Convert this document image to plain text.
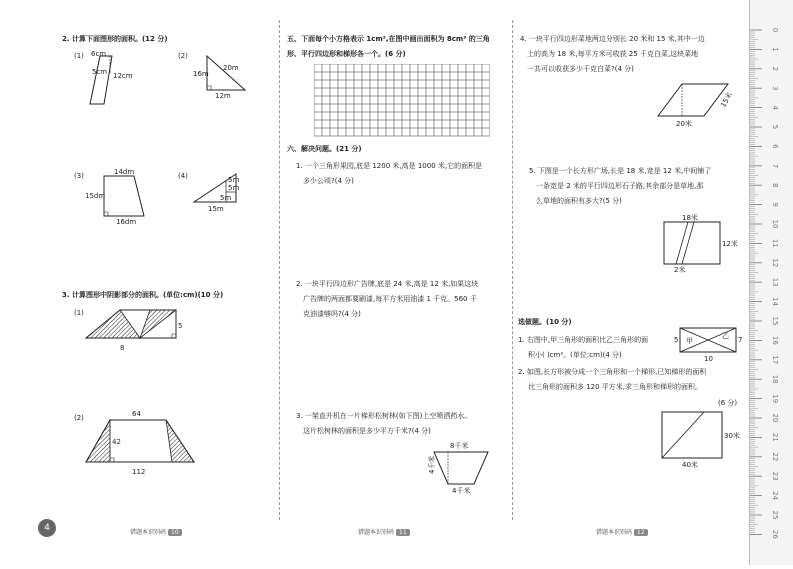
2. 计算下面图形的面积。(12 分)
(1) 6cm
5cm 12cm
(2)
16m
20m
12m
(3)	14dm
15dm
16dm
(4)	5m
5m
5m
15m
3. 计算图形中阴影部分的面积。(单位:cm)(10 分)
(1)
5
8
(2)	64
42
112
4	错题本识别码 10
五、下面每个小方格表示 1cm²,在图中画出面积为 8cm² 的三角
形、平行四边形和梯形各一个。(6 分)
六、解决问题。(21 分)
1. 一个三角形果园,底是 1200 米,高是 1000 米,它的面积是
多少公顷?(4 分)
2. 一块平行四边形广告牌,底是 24 米,高是 12 米,如果这块
广告牌的两面都要刷漆,每平方米用油漆 1 千克。560 千
克油漆够吗?(4 分)
3. 一架直升机在一片梯形松树林(如下图)上空喷洒药水。
这片松树林的面积是多少平方千米?(4 分)
8千米
4千米
4千米
错题本识别码 11
4. 一块平行四边形菜地两边分别长 20 米和 15 米,其中一边
上的高为 18 米,每平方米可收获 25 千克白菜,这块菜地
一共可以收获多少千克白菜?(4 分)
20米
15米
5. 下图是一个长方形广场,长是 18 米,宽是 12 米,中间铺了
一条宽是 2 米的平行四边形石子路,其余部分是草地,那
么草地的面积有多大?(5 分)
18米
12米
2米
选做题。(10 分)
1. 右图中,甲三角形的面积比乙三角形的面
积小( )cm²。(单位:cm)(4 分)
5 甲
乙 7
10
2. 如图,长方形被分成一个三角形和一个梯形,已知梯形的面积
比三角形的面积多 120 平方米,求三角形和梯形的面积。
(6 分)
30米
40米
错题本识别码 12
0
1
2
3
4
5
6
7
8
9
10
11
12
13
14
15
16
17
18
19
20
21
22
23
24
25
26
